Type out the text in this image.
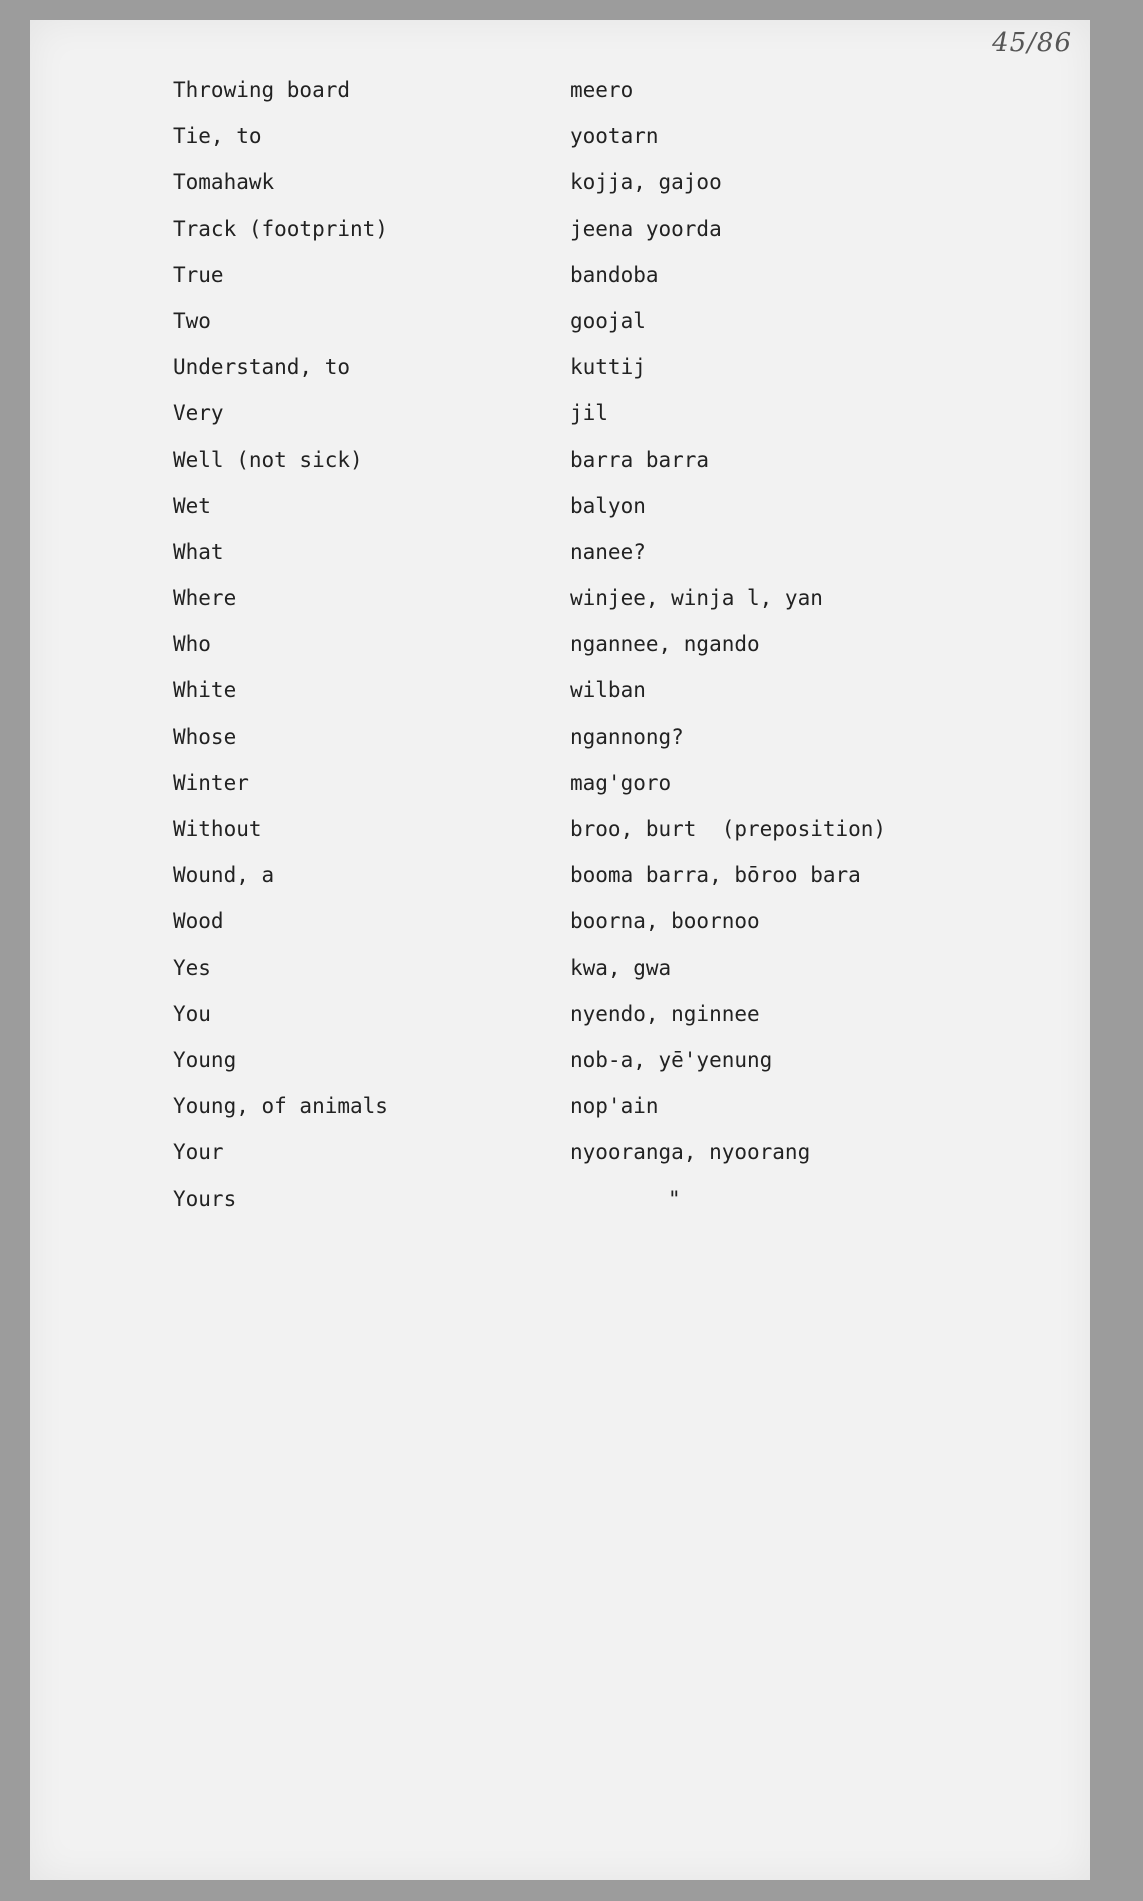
45/86
Throwing board	meero
Tie, to	yootarn
Tomahawk	kojja, gajoo
Track (footprint)	jeena yoorda
True	bandoba
Two	goojal
Understand, to	kuttij
Very	jil
Well (not sick)	barra barra
Wet	balyon
What	nanee?
Where	winjee, winja l, yan
Who	ngannee, ngando
White	wilban
Whose	ngannong?
Winter	mag'goro
Without	broo, burt  (preposition)
Wound, a	booma barra, bōroo bara
Wood	boorna, boornoo
Yes	kwa, gwa
You	nyendo, nginnee
Young	nob-a, yē'yenung
Young, of animals	nop'ain
Your	nyooranga, nyoorang
Yours	"
